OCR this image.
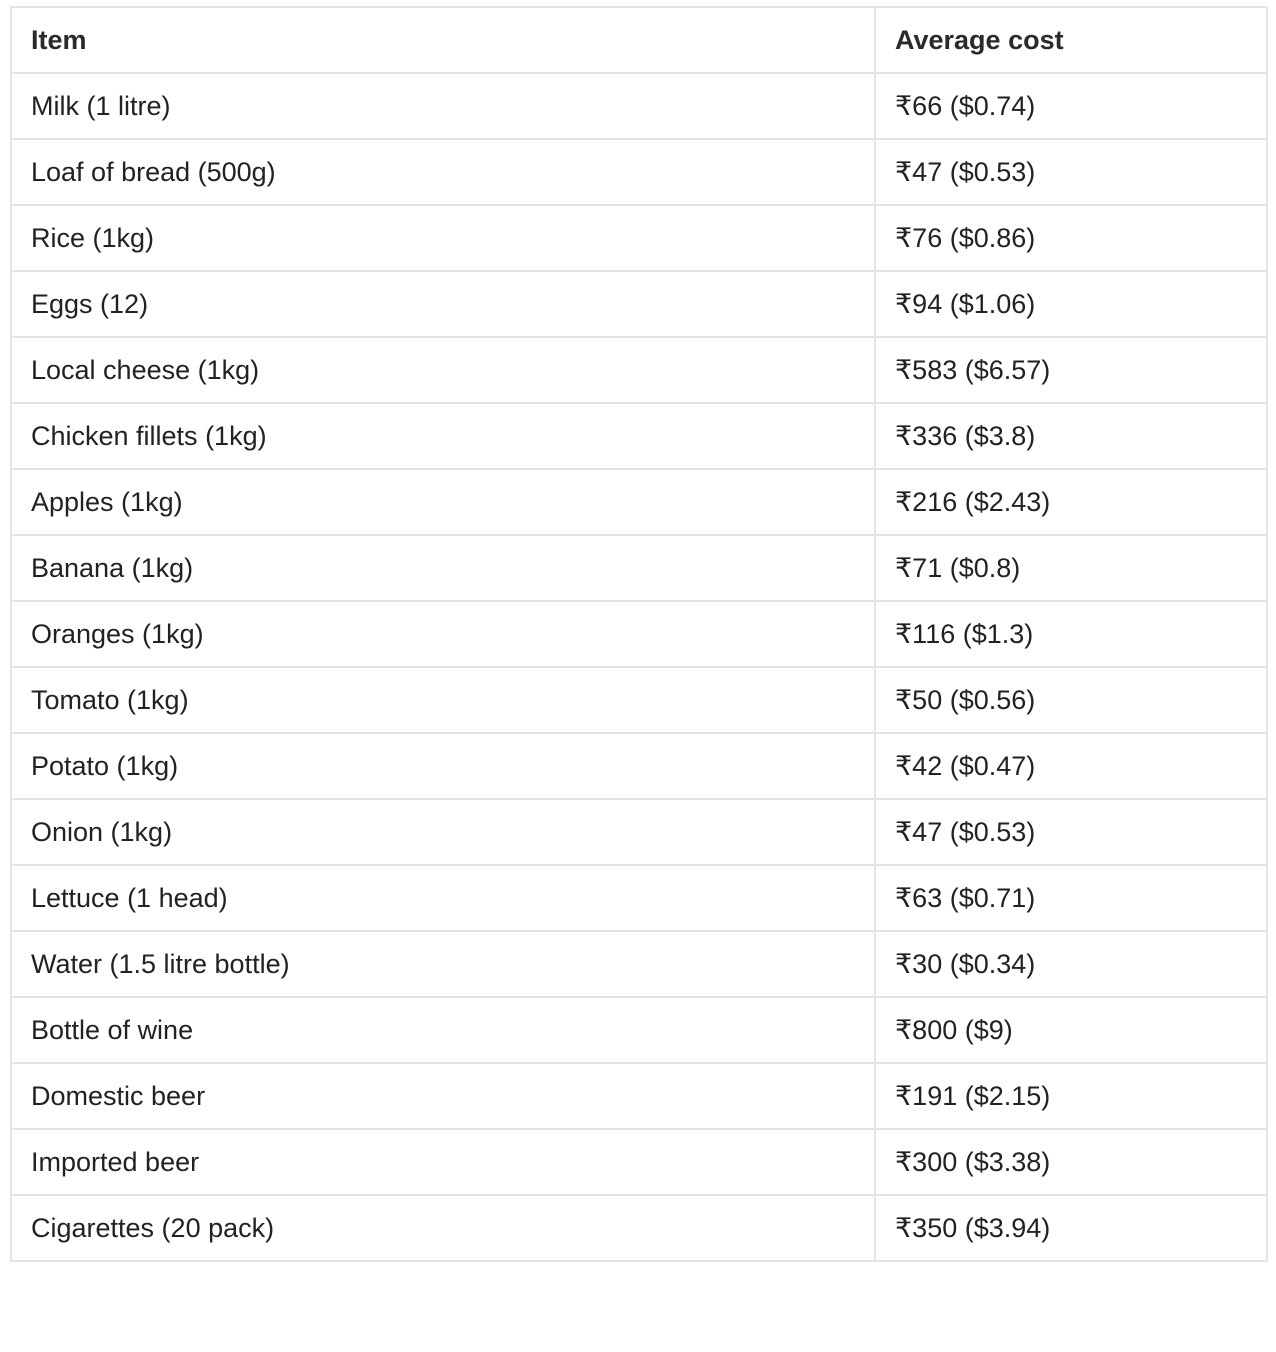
Item	Average cost
Milk (1 litre)	₹66 ($0.74)
Loaf of bread (500g)	₹47 ($0.53)
Rice (1kg)	₹76 ($0.86)
Eggs (12)	₹94 ($1.06)
Local cheese (1kg)	₹583 ($6.57)
Chicken fillets (1kg)	₹336 ($3.8)
Apples (1kg)	₹216 ($2.43)
Banana (1kg)	₹71 ($0.8)
Oranges (1kg)	₹116 ($1.3)
Tomato (1kg)	₹50 ($0.56)
Potato (1kg)	₹42 ($0.47)
Onion (1kg)	₹47 ($0.53)
Lettuce (1 head)	₹63 ($0.71)
Water (1.5 litre bottle)	₹30 ($0.34)
Bottle of wine	₹800 ($9)
Domestic beer	₹191 ($2.15)
Imported beer	₹300 ($3.38)
Cigarettes (20 pack)	₹350 ($3.94)
